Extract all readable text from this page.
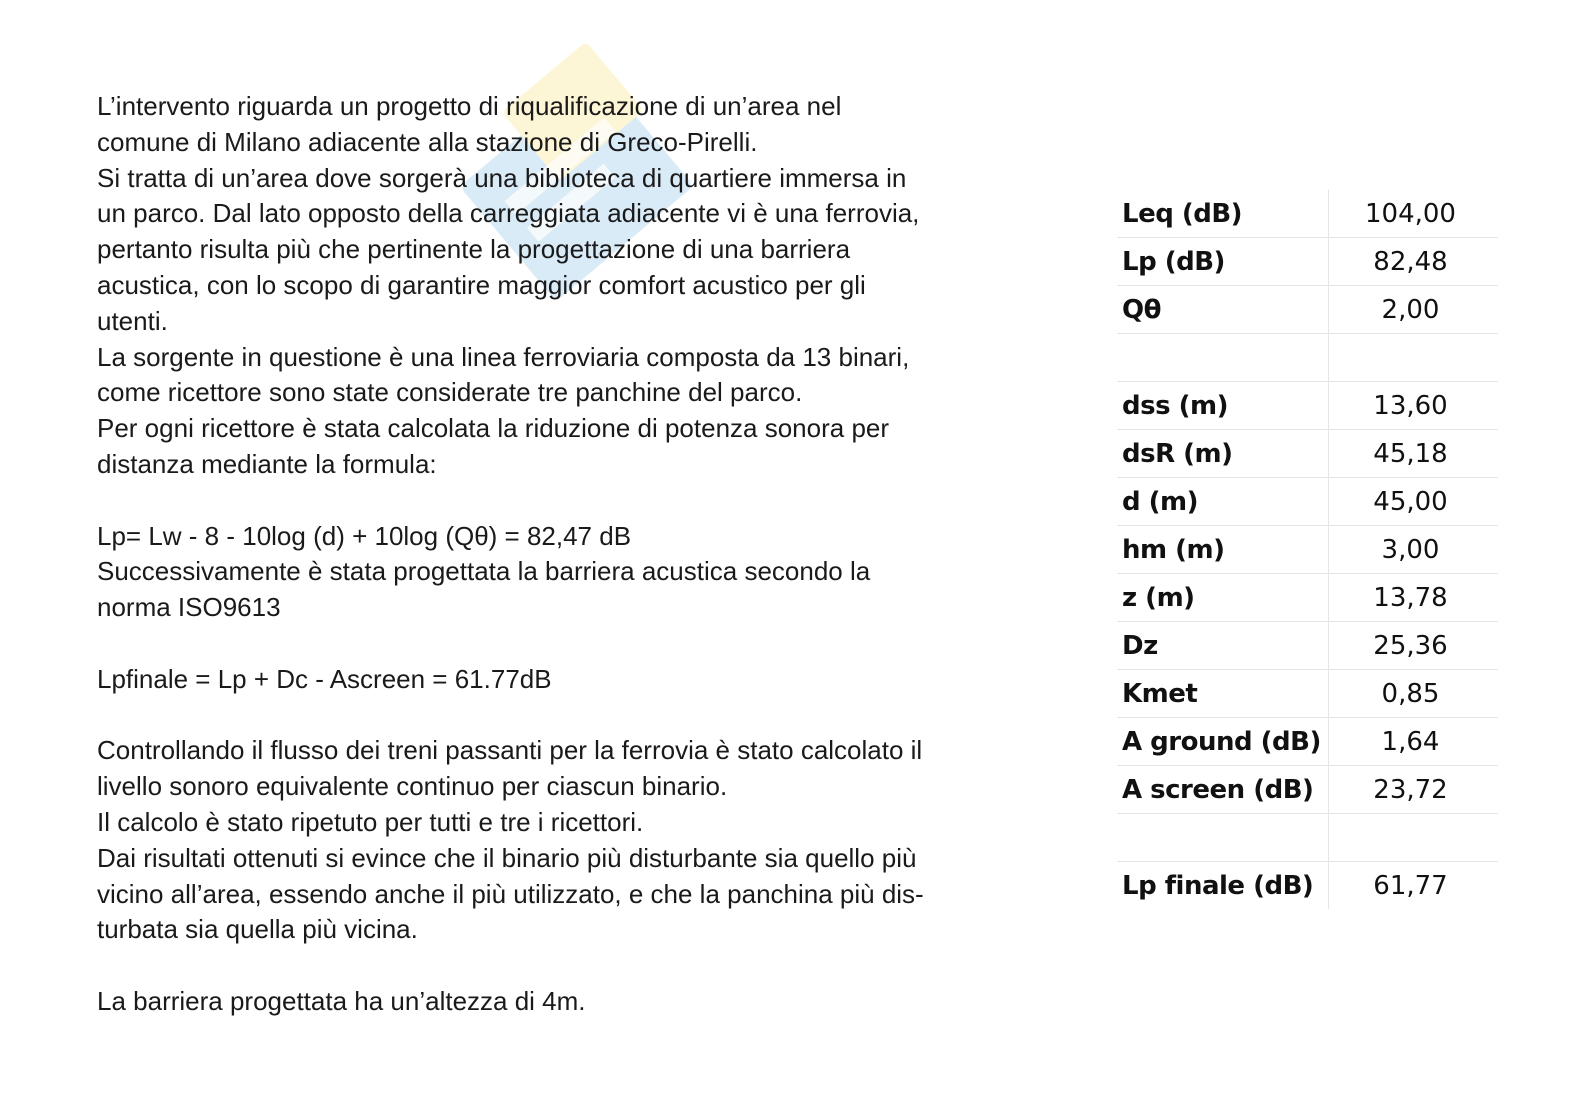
L’intervento riguarda un progetto di riqualificazione di un’area nel

comune di Milano adiacente alla stazione di Greco-Pirelli.

Si tratta di un’area dove sorgerà una biblioteca di quartiere immersa in

un parco. Dal lato opposto della carreggiata adiacente vi è una ferrovia,

pertanto risulta più che pertinente la progettazione di una barriera

acustica, con lo scopo di garantire maggior comfort acustico per gli

utenti.

La sorgente in questione è una linea ferroviaria composta da 13 binari,

come ricettore sono state considerate tre panchine del parco.

Per ogni ricettore è stata calcolata la riduzione di potenza sonora per

distanza mediante la formula:

Lp= Lw - 8 - 10log (d) + 10log (Qθ) = 82,47 dB

Successivamente è stata progettata la barriera acustica secondo la

norma ISO9613

Lpfinale = Lp + Dc - Ascreen = 61.77dB

Controllando il flusso dei treni passanti per la ferrovia è stato calcolato il

livello sonoro equivalente continuo per ciascun binario.

Il calcolo è stato ripetuto per tutti e tre i ricettori.

Dai risultati ottenuti si evince che il binario più disturbante sia quello più

vicino all’area, essendo anche il più utilizzato, e che la panchina più dis-

turbata sia quella più vicina.

La barriera progettata ha un’altezza di 4m.

Leq (dB)	104,00
Lp (dB)	82,48
Qθ	2,00

dss (m)	13,60
dsR (m)	45,18
d (m)	45,00
hm (m)	3,00
z (m)	13,78
Dz	25,36
Kmet	0,85
A ground (dB)	1,64
A screen (dB)	23,72

Lp finale (dB)	61,77
